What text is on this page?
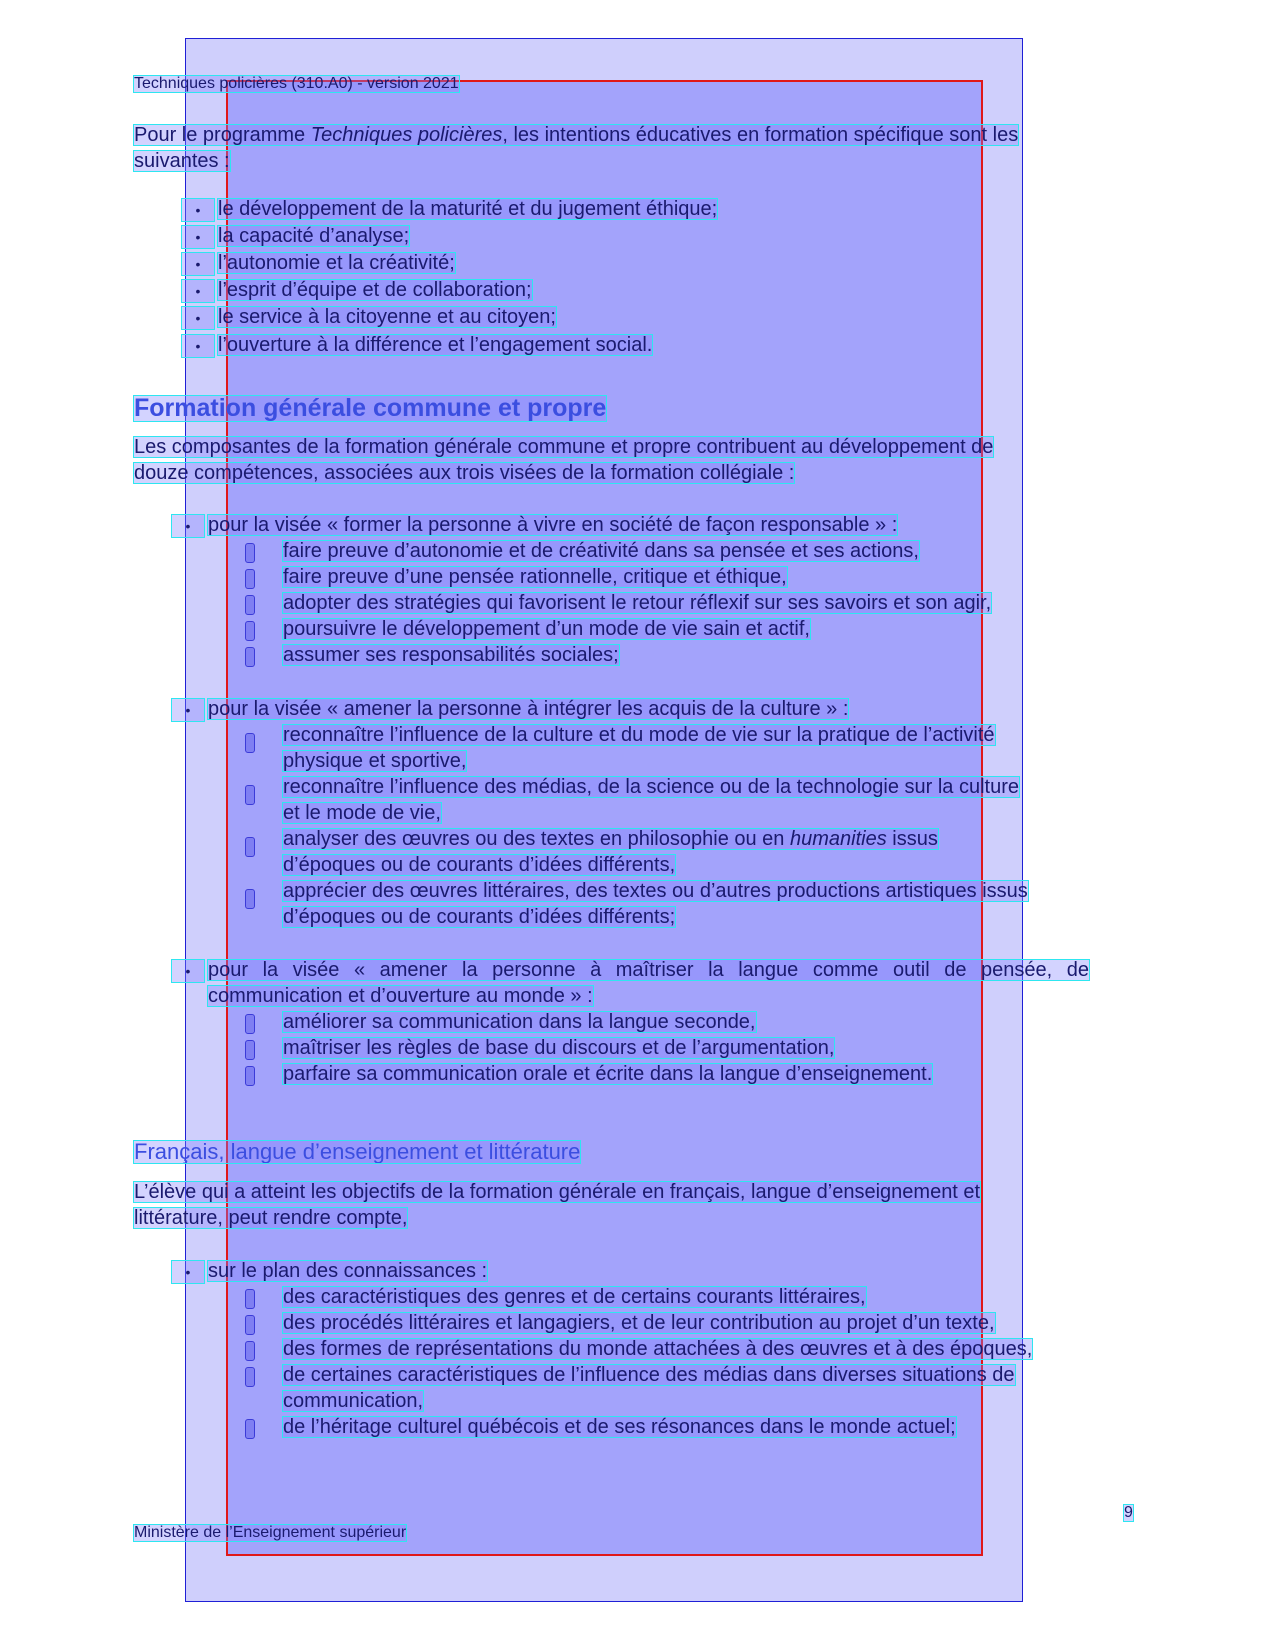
Techniques policières (310.A0) - version 2021
Pour le programme Techniques policières, les intentions éducatives en formation spécifique sont les
suivantes :
• le développement de la maturité et du jugement éthique;
• la capacité d’analyse;
• l’autonomie et la créativité;
• l’esprit d’équipe et de collaboration;
• le service à la citoyenne et au citoyen;
• l’ouverture à la différence et l’engagement social.
Formation générale commune et propre
Les composantes de la formation générale commune et propre contribuent au développement de
douze compétences, associées aux trois visées de la formation collégiale :
• pour la visée « former la personne à vivre en société de façon responsable » :
faire preuve d’autonomie et de créativité dans sa pensée et ses actions,
faire preuve d’une pensée rationnelle, critique et éthique,
adopter des stratégies qui favorisent le retour réflexif sur ses savoirs et son agir,
poursuivre le développement d’un mode de vie sain et actif,
assumer ses responsabilités sociales;
• pour la visée « amener la personne à intégrer les acquis de la culture » :
reconnaître l’influence de la culture et du mode de vie sur la pratique de l’activité
physique et sportive,
reconnaître l’influence des médias, de la science ou de la technologie sur la culture
et le mode de vie,
analyser des œuvres ou des textes en philosophie ou en humanities issus
d’époques ou de courants d’idées différents,
apprécier des œuvres littéraires, des textes ou d’autres productions artistiques issus
d’époques ou de courants d’idées différents;
• pour la visée « amener la personne à maîtriser la langue comme outil de pensée, de
communication et d’ouverture au monde » :
améliorer sa communication dans la langue seconde,
maîtriser les règles de base du discours et de l’argumentation,
parfaire sa communication orale et écrite dans la langue d’enseignement.
Français, langue d’enseignement et littérature
L’élève qui a atteint les objectifs de la formation générale en français, langue d’enseignement et
littérature, peut rendre compte,
• sur le plan des connaissances :
des caractéristiques des genres et de certains courants littéraires,
des procédés littéraires et langagiers, et de leur contribution au projet d’un texte,
des formes de représentations du monde attachées à des œuvres et à des époques,
de certaines caractéristiques de l’influence des médias dans diverses situations de
communication,
de l’héritage culturel québécois et de ses résonances dans le monde actuel;
9
Ministère de l’Enseignement supérieur
